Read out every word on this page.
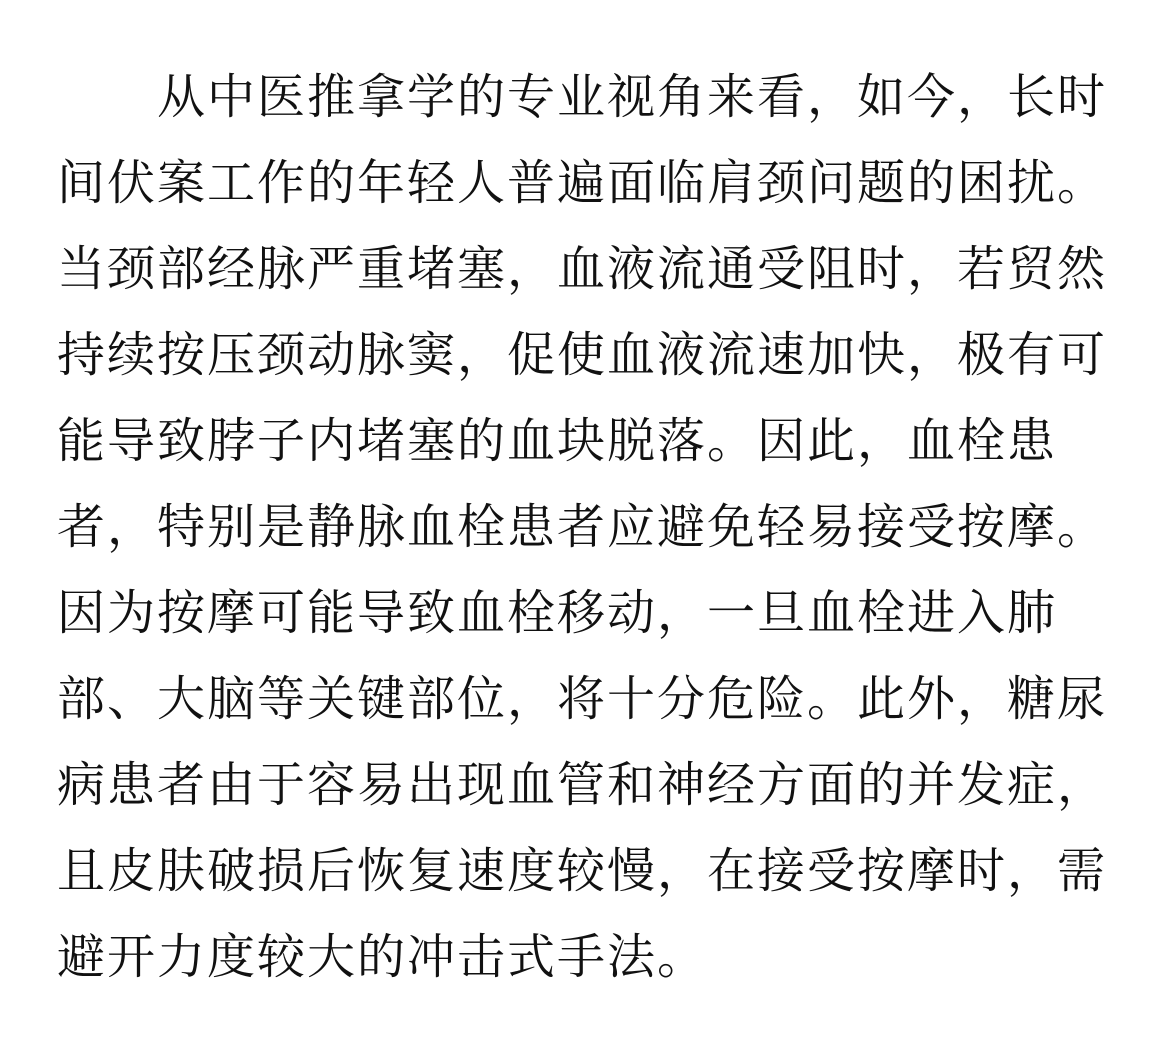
从中医推拿学的专业视角来看，如今，长时
间伏案工作的年轻人普遍面临肩颈问题的困扰。
当颈部经脉严重堵塞，血液流通受阻时，若贸然
持续按压颈动脉窦，促使血液流速加快，极有可
能导致脖子内堵塞的血块脱落。因此，血栓患
者，特别是静脉血栓患者应避免轻易接受按摩。
因为按摩可能导致血栓移动，一旦血栓进入肺
部、大脑等关键部位，将十分危险。此外，糖尿
病患者由于容易出现血管和神经方面的并发症，
且皮肤破损后恢复速度较慢，在接受按摩时，需
避开力度较大的冲击式手法。
